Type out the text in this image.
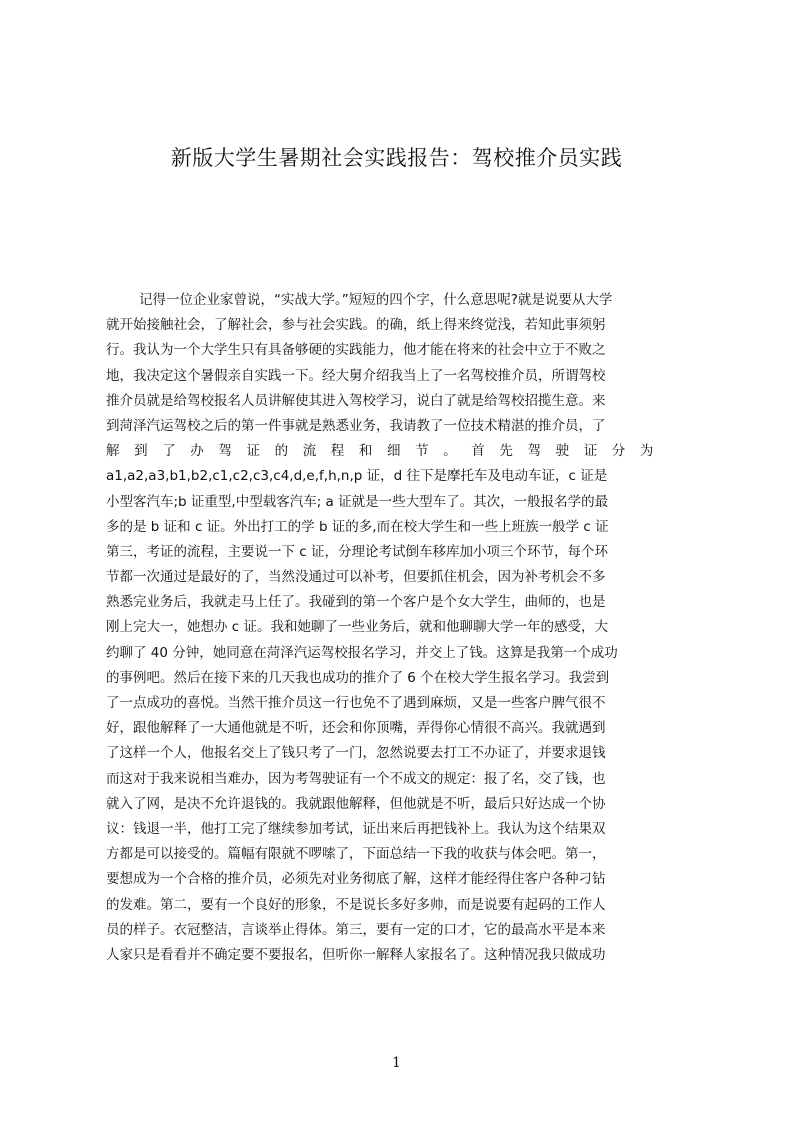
新版大学生暑期社会实践报告：驾校推介员实践
记得一位企业家曾说，“实战大学。”短短的四个字，什么意思呢?就是说要从大学
就开始接触社会，了解社会，参与社会实践。的确，纸上得来终觉浅，若知此事须躬
行。我认为一个大学生只有具备够硬的实践能力，他才能在将来的社会中立于不败之
地，我决定这个暑假亲自实践一下。经大舅介绍我当上了一名驾校推介员，所谓驾校
推介员就是给驾校报名人员讲解使其进入驾校学习，说白了就是给驾校招揽生意。来
到菏泽汽运驾校之后的第一件事就是熟悉业务，我请教了一位技术精湛的推介员，了
解到了办驾证的流程和细节。首先驾驶证分为
a1,a2,a3,b1,b2,c1,c2,c3,c4,d,e,f,h,n,p 证，d 往下是摩托车及电动车证，c 证是
小型客汽车;b 证重型,中型载客汽车; a 证就是一些大型车了。其次，一般报名学的最
多的是 b 证和 c 证。外出打工的学 b 证的多,而在校大学生和一些上班族一般学 c 证
第三，考证的流程，主要说一下 c 证，分理论考试倒车移库加小项三个环节，每个环
节都一次通过是最好的了，当然没通过可以补考，但要抓住机会，因为补考机会不多
熟悉完业务后，我就走马上任了。我碰到的第一个客户是个女大学生，曲师的，也是
刚上完大一，她想办 c 证。我和她聊了一些业务后，就和他聊聊大学一年的感受，大
约聊了 40 分钟，她同意在菏泽汽运驾校报名学习，并交上了钱。这算是我第一个成功
的事例吧。然后在接下来的几天我也成功的推介了 6 个在校大学生报名学习。我尝到
了一点成功的喜悦。当然干推介员这一行也免不了遇到麻烦，又是一些客户脾气很不
好，跟他解释了一大通他就是不听，还会和你顶嘴，弄得你心情很不高兴。我就遇到
了这样一个人，他报名交上了钱只考了一门，忽然说要去打工不办证了，并要求退钱
而这对于我来说相当难办，因为考驾驶证有一个不成文的规定：报了名，交了钱，也
就入了网，是决不允许退钱的。我就跟他解释，但他就是不听，最后只好达成一个协
议：钱退一半，他打工完了继续参加考试，证出来后再把钱补上。我认为这个结果双
方都是可以接受的。篇幅有限就不啰嗦了，下面总结一下我的收获与体会吧。第一，
要想成为一个合格的推介员，必须先对业务彻底了解，这样才能经得住客户各种刁钻
的发难。第二，要有一个良好的形象，不是说长多好多帅，而是说要有起码的工作人
员的样子。衣冠整洁，言谈举止得体。第三，要有一定的口才，它的最高水平是本来
人家只是看看并不确定要不要报名，但听你一解释人家报名了。这种情况我只做成功
1
